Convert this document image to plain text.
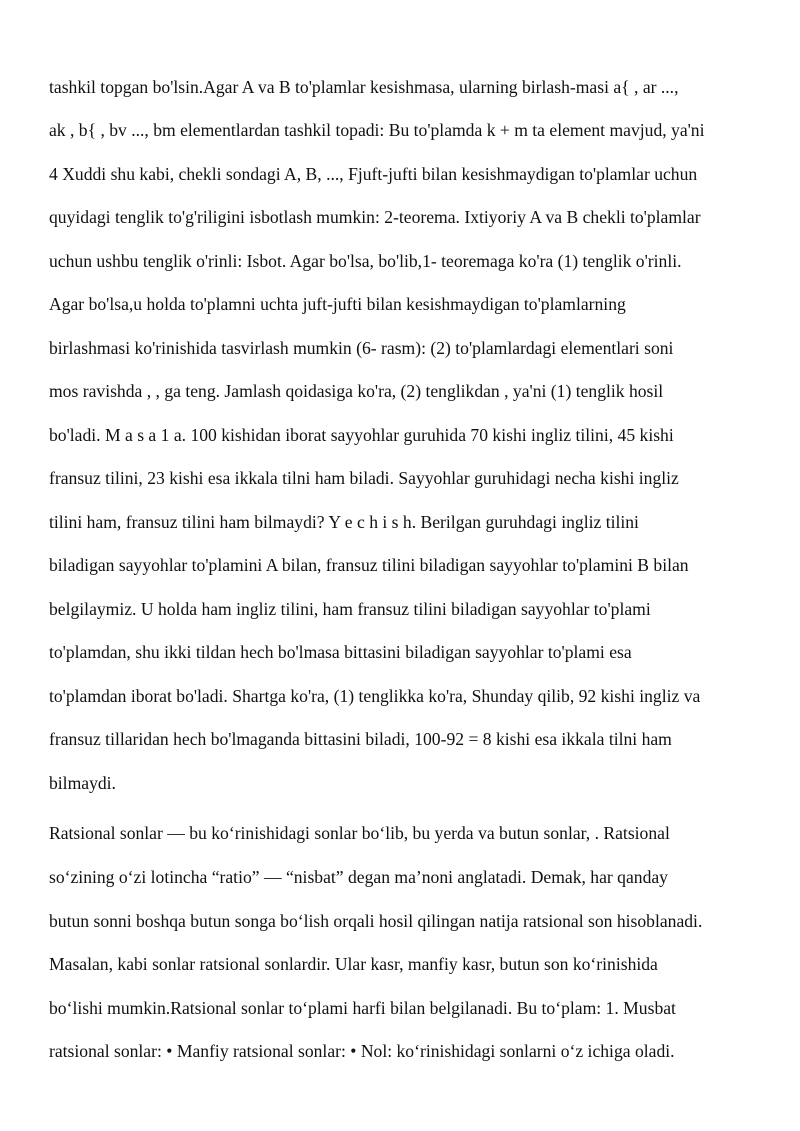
tashkil topgan bo'lsin.Agar A va B to'plamlar kesishmasa, ularning birlash-masi a{ , ar ...,
ak , b{ , bv ..., bm elementlardan tashkil topadi: Bu to'plamda k + m ta element mavjud, ya'ni
4 Xuddi shu kabi, chekli sondagi A, B, ..., Fjuft-jufti bilan kesishmaydigan to'plamlar uchun
quyidagi tenglik to'g'riligini isbotlash mumkin: 2-teorema. Ixtiyoriy A va B chekli to'plamlar
uchun ushbu tenglik o'rinli: Isbot. Agar bo'lsa, bo'lib,1- teoremaga ko'ra (1) tenglik o'rinli.
Agar bo'lsa,u holda to'plamni uchta juft-jufti bilan kesishmaydigan to'plamlarning
birlashmasi ko'rinishida tasvirlash mumkin (6- rasm): (2) to'plamlardagi elementlari soni
mos ravishda , , ga teng. Jamlash qoidasiga ko'ra, (2) tenglikdan , ya'ni (1) tenglik hosil
bo'ladi. M a s a 1 a. 100 kishidan iborat sayyohlar guruhida 70 kishi ingliz tilini, 45 kishi
fransuz tilini, 23 kishi esa ikkala tilni ham biladi. Sayyohlar guruhidagi necha kishi ingliz
tilini ham, fransuz tilini ham bilmaydi? Y e c h i s h. Berilgan guruhdagi ingliz tilini
biladigan sayyohlar to'plamini A bilan, fransuz tilini biladigan sayyohlar to'plamini B bilan
belgilaymiz. U holda ham ingliz tilini, ham fransuz tilini biladigan sayyohlar to'plami
to'plamdan, shu ikki tildan hech bo'lmasa bittasini biladigan sayyohlar to'plami esa
to'plamdan iborat bo'ladi. Shartga ko'ra, (1) tenglikka ko'ra, Shunday qilib, 92 kishi ingliz va
fransuz tillaridan hech bo'lmaganda bittasini biladi, 100-92 = 8 kishi esa ikkala tilni ham
bilmaydi.
Ratsional sonlar — bu ko‘rinishidagi sonlar bo‘lib, bu yerda va butun sonlar, . Ratsional
so‘zining o‘zi lotincha “ratio” — “nisbat” degan ma’noni anglatadi. Demak, har qanday
butun sonni boshqa butun songa bo‘lish orqali hosil qilingan natija ratsional son hisoblanadi.
Masalan, kabi sonlar ratsional sonlardir. Ular kasr, manfiy kasr, butun son ko‘rinishida
bo‘lishi mumkin.Ratsional sonlar to‘plami harfi bilan belgilanadi. Bu to‘plam: 1. Musbat
ratsional sonlar: • Manfiy ratsional sonlar: • Nol: ko‘rinishidagi sonlarni o‘z ichiga oladi.
